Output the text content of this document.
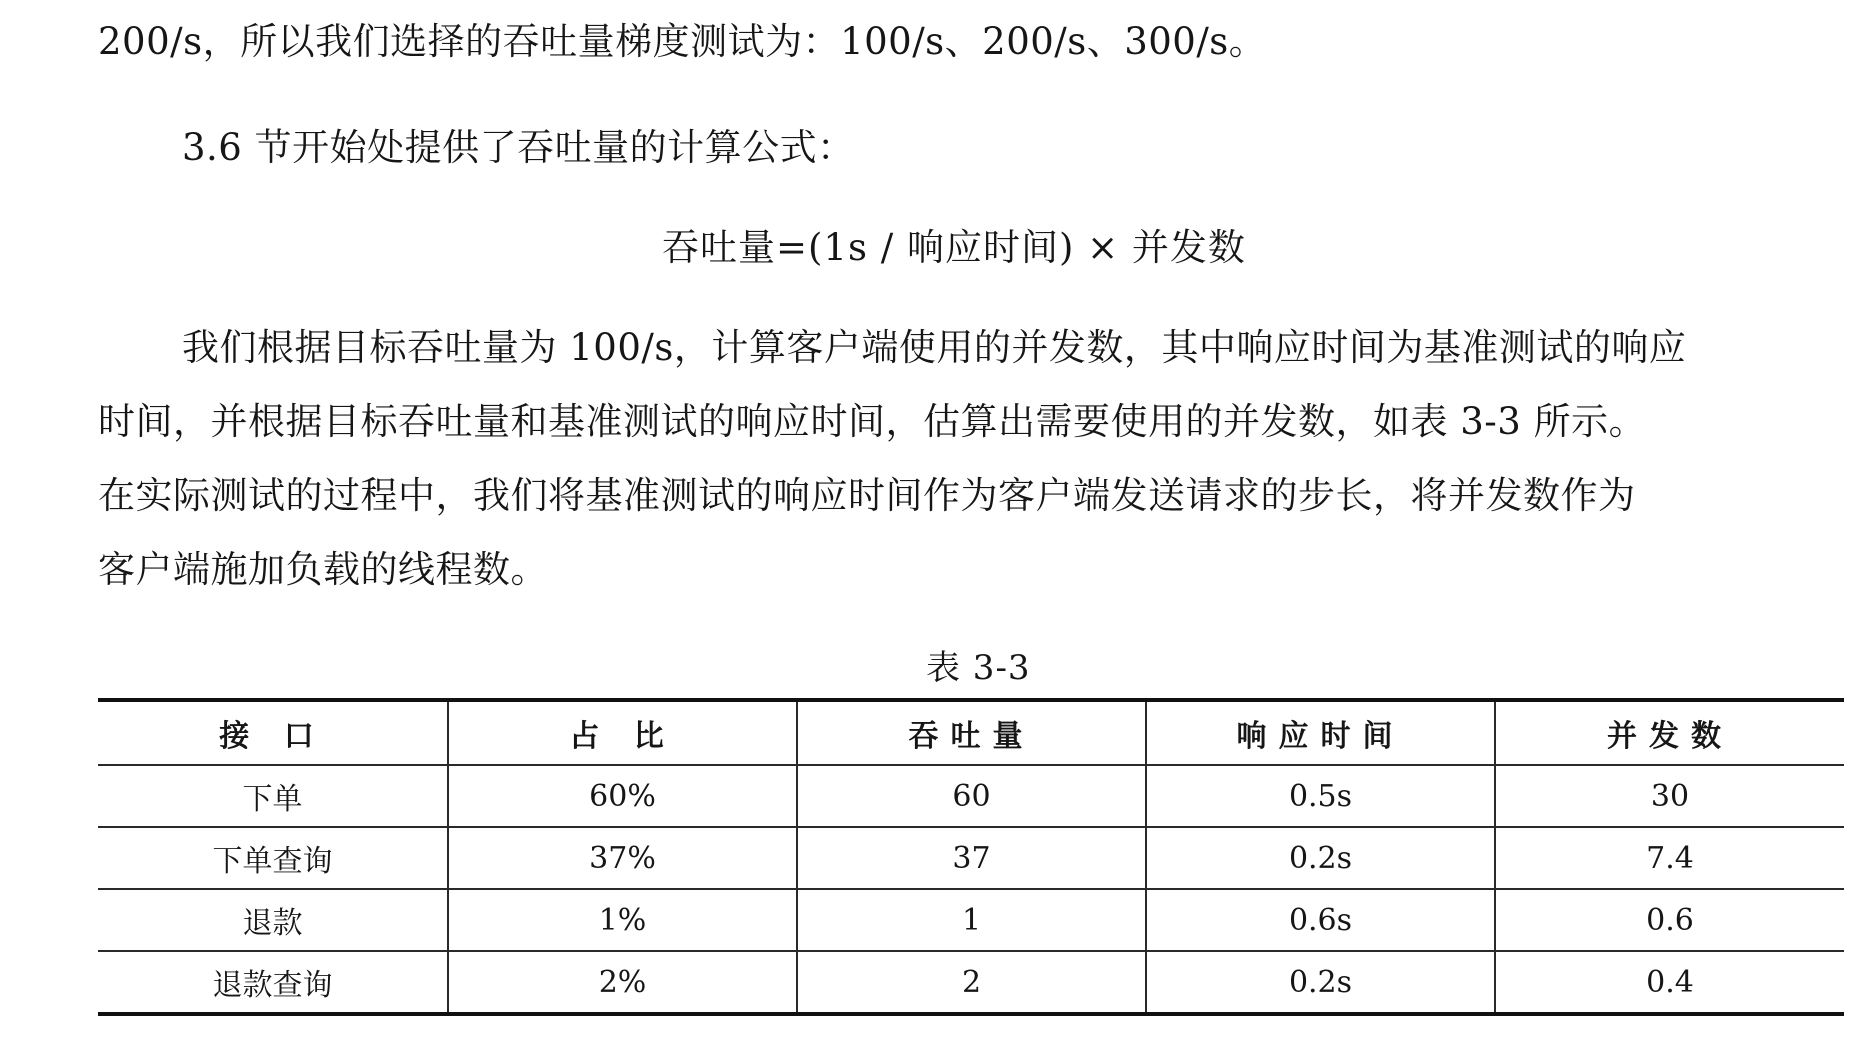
200/s，所以我们选择的吞吐量梯度测试为：100/s、200/s、300/s。
3.6 节开始处提供了吞吐量的计算公式：
吞吐量=(1s / 响应时间) × 并发数
我们根据目标吞吐量为 100/s，计算客户端使用的并发数，其中响应时间为基准测试的响应
时间，并根据目标吞吐量和基准测试的响应时间，估算出需要使用的并发数，如表 3-3 所示。
在实际测试的过程中，我们将基准测试的响应时间作为客户端发送请求的步长，将并发数作为
客户端施加负载的线程数。
表 3-3
接 口	占 比	吞吐量	响应时间	并发数
下单	60%	60	0.5s	30
下单查询	37%	37	0.2s	7.4
退款	1%	1	0.6s	0.6
退款查询	2%	2	0.2s	0.4
